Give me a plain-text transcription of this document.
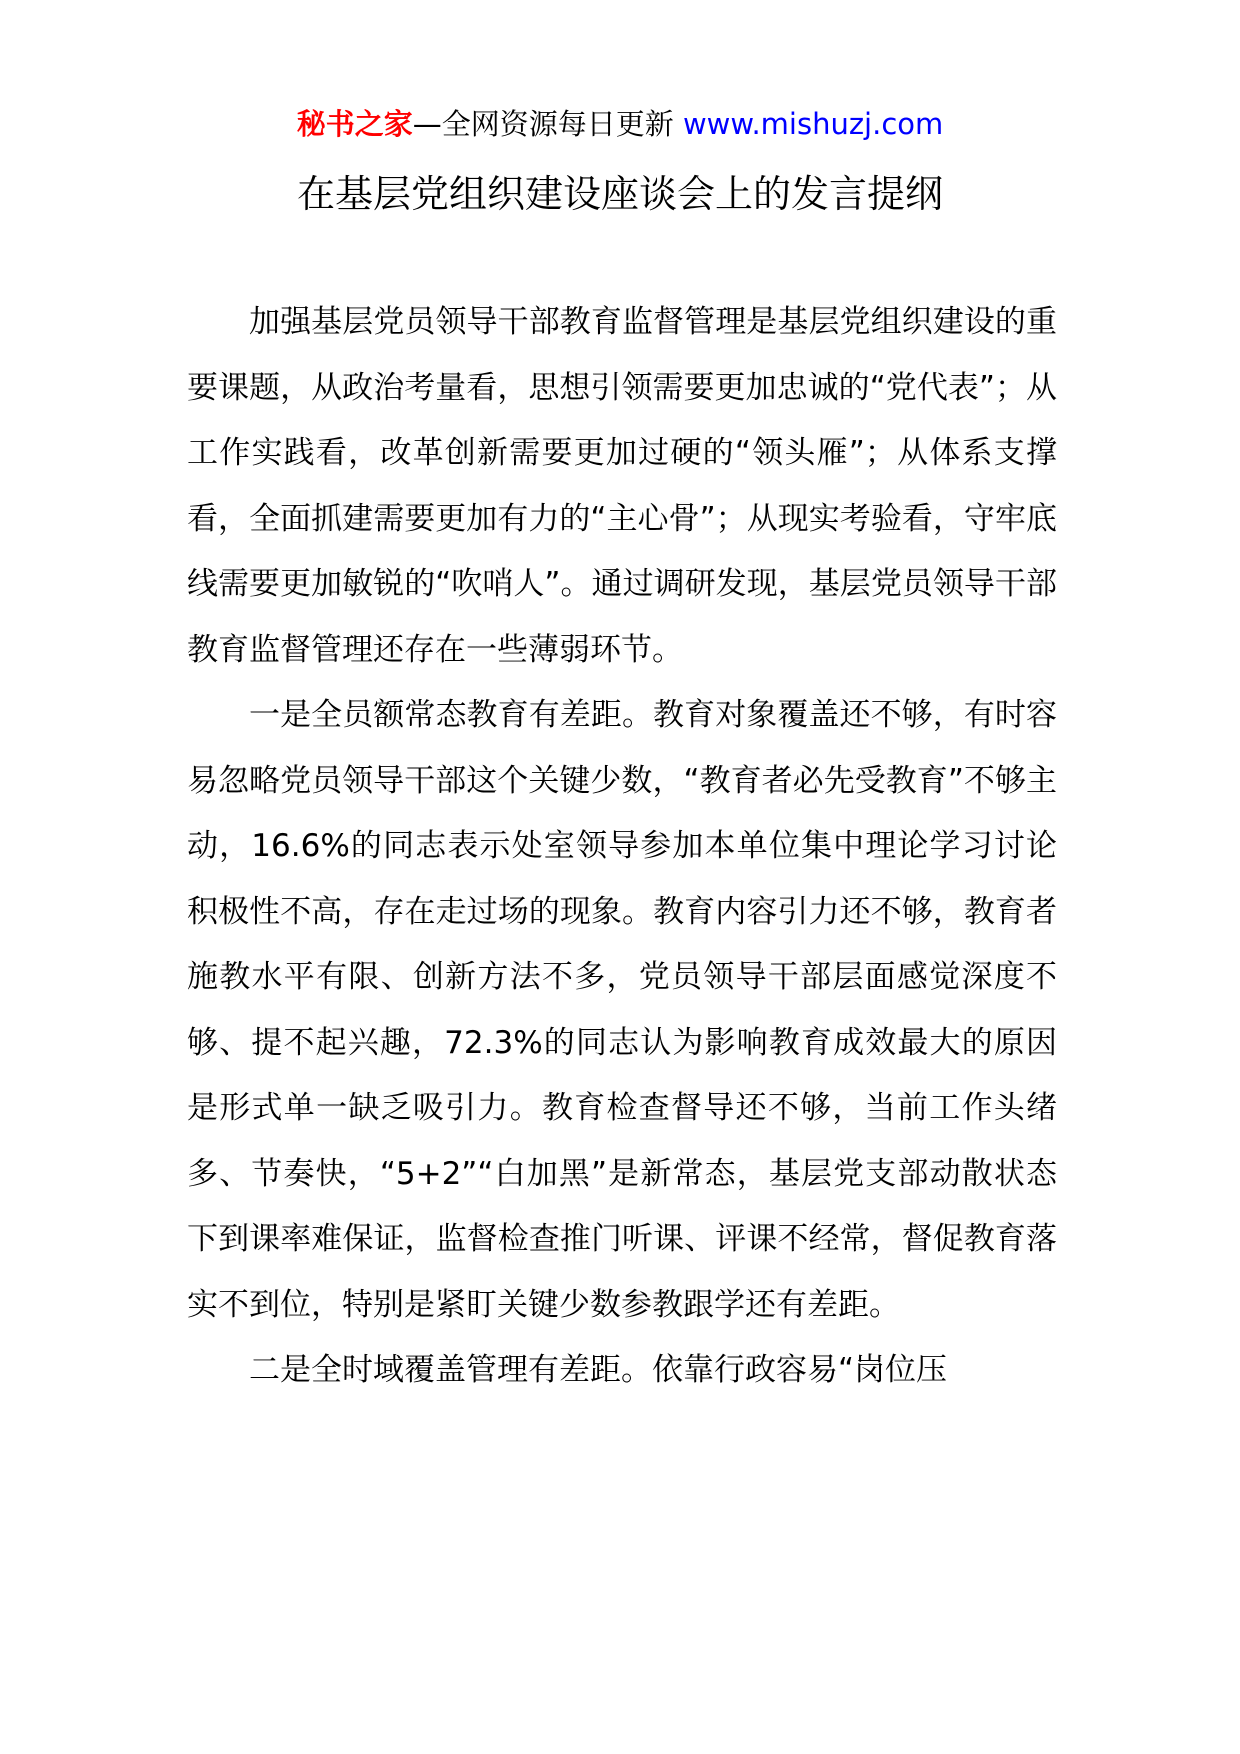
秘书之家—全网资源每日更新 www.mishuzj.com
在基层党组织建设座谈会上的发言提纲

加强基层党员领导干部教育监督管理是基层党组织建设的重要课题，从政治考量看，思想引领需要更加忠诚的“党代表”；从工作实践看，改革创新需要更加过硬的“领头雁”；从体系支撑看，全面抓建需要更加有力的“主心骨”；从现实考验看，守牢底线需要更加敏锐的“吹哨人”。通过调研发现，基层党员领导干部教育监督管理还存在一些薄弱环节。

一是全员额常态教育有差距。教育对象覆盖还不够，有时容易忽略党员领导干部这个关键少数，“教育者必先受教育”不够主动，16.6%的同志表示处室领导参加本单位集中理论学习讨论积极性不高，存在走过场的现象。教育内容引力还不够，教育者施教水平有限、创新方法不多，党员领导干部层面感觉深度不够、提不起兴趣，72.3%的同志认为影响教育成效最大的原因是形式单一缺乏吸引力。教育检查督导还不够，当前工作头绪多、节奏快，“5+2”“白加黑”是新常态，基层党支部动散状态下到课率难保证，监督检查推门听课、评课不经常，督促教育落实不到位，特别是紧盯关键少数参教跟学还有差距。

二是全时域覆盖管理有差距。依靠行政容易“岗位压
